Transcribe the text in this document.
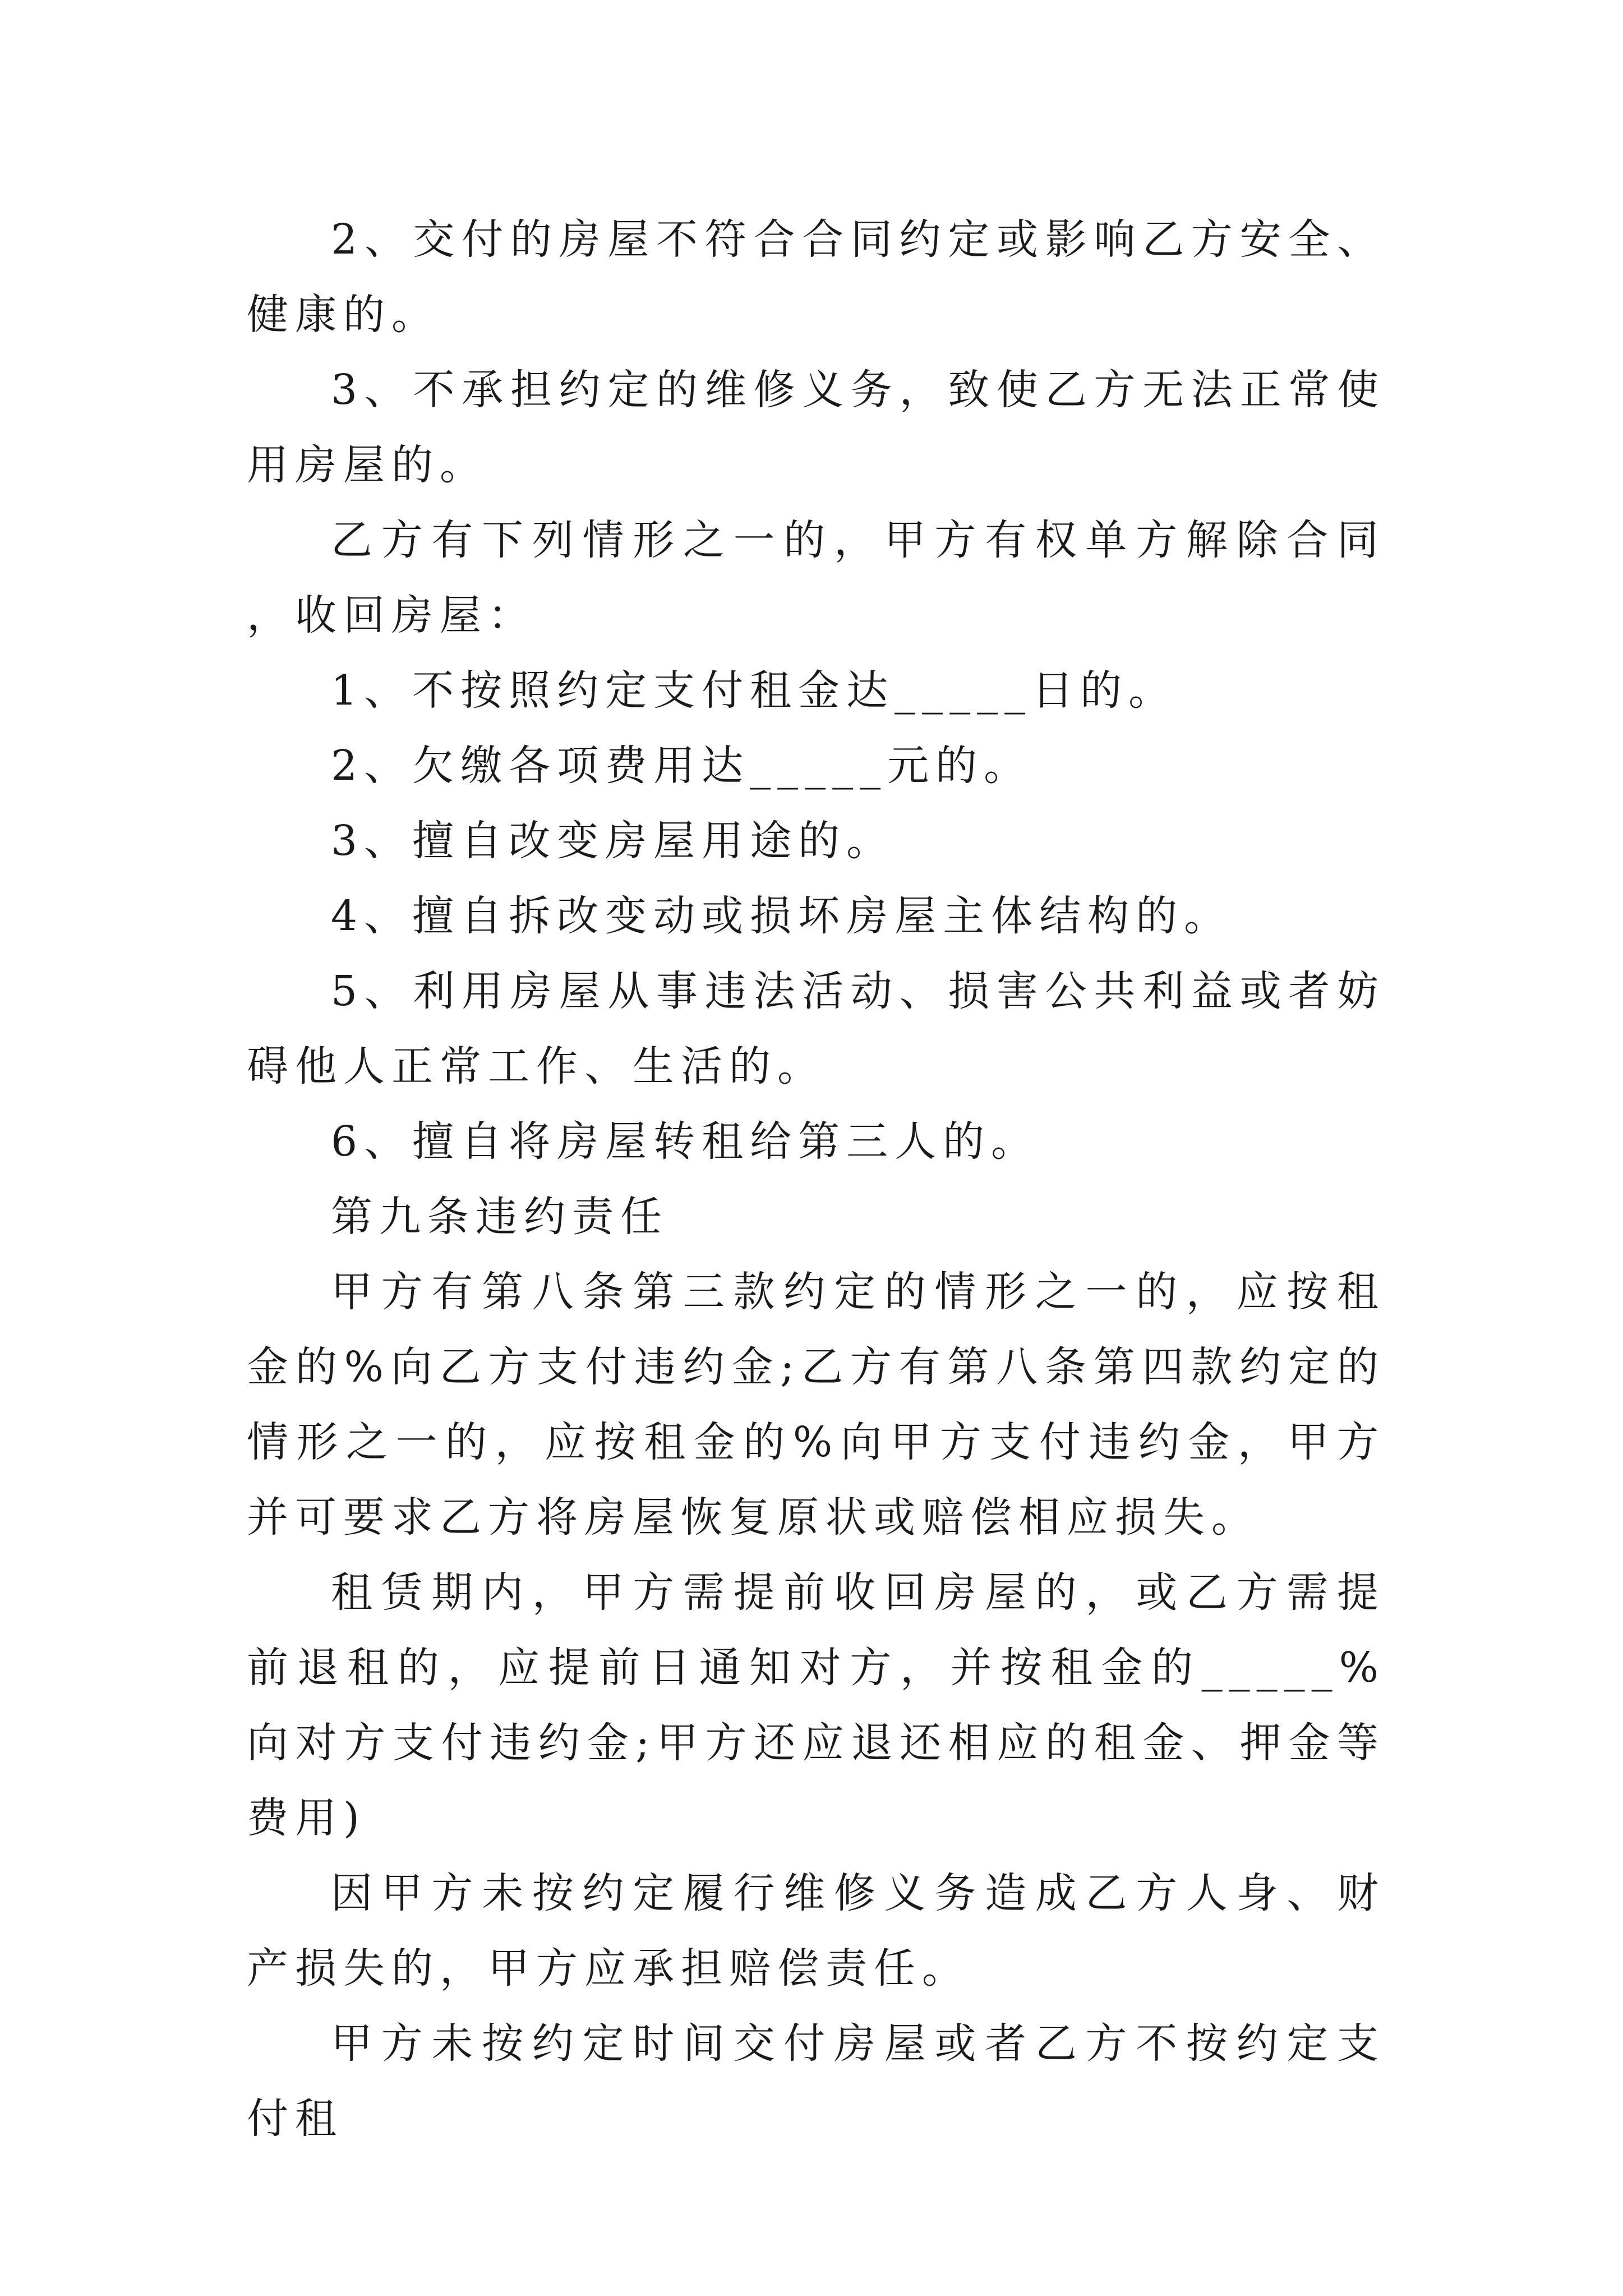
2、交付的房屋不符合合同约定或影响乙方安全、健康的。

3、不承担约定的维修义务，致使乙方无法正常使用房屋的。

乙方有下列情形之一的，甲方有权单方解除合同，收回房屋：

1、不按照约定支付租金达_____日的。

2、欠缴各项费用达_____元的。

3、擅自改变房屋用途的。

4、擅自拆改变动或损坏房屋主体结构的。

5、利用房屋从事违法活动、损害公共利益或者妨碍他人正常工作、生活的。

6、擅自将房屋转租给第三人的。

第九条违约责任

甲方有第八条第三款约定的情形之一的，应按租金的%向乙方支付违约金;乙方有第八条第四款约定的情形之一的，应按租金的%向甲方支付违约金，甲方并可要求乙方将房屋恢复原状或赔偿相应损失。

租赁期内，甲方需提前收回房屋的，或乙方需提前退租的，应提前日通知对方，并按租金的_____%向对方支付违约金;甲方还应退还相应的租金、押金等费用)

因甲方未按约定履行维修义务造成乙方人身、财产损失的，甲方应承担赔偿责任。

甲方未按约定时间交付房屋或者乙方不按约定支付租
